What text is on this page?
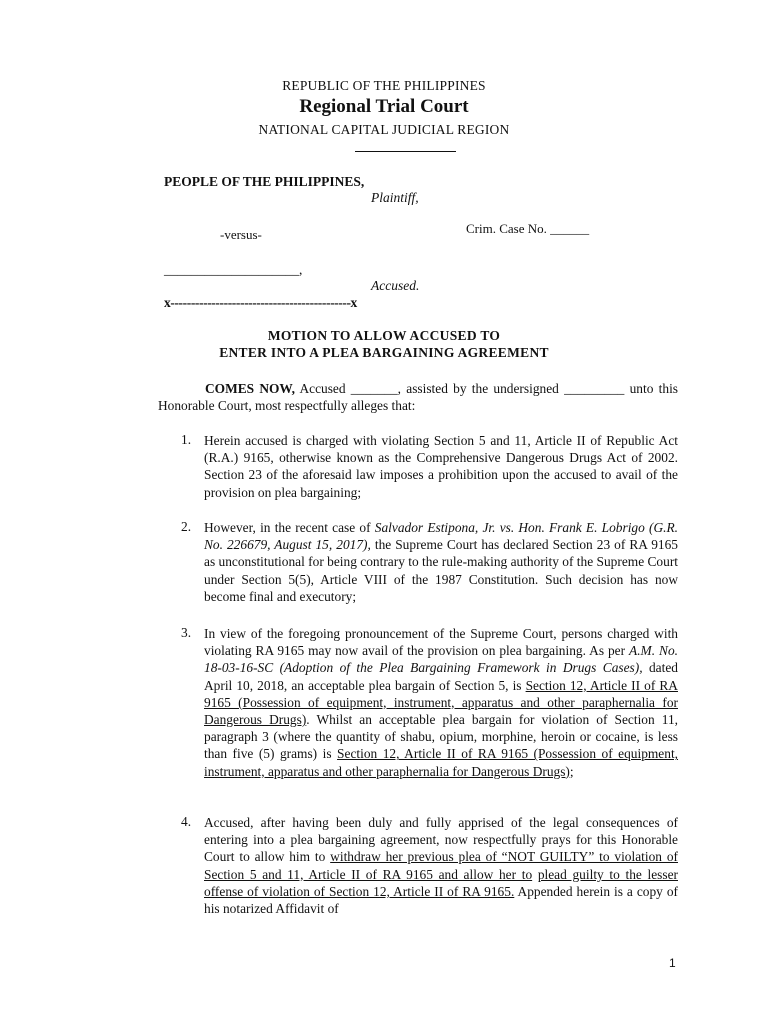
REPUBLIC OF THE PHILIPPINES
Regional Trial Court
NATIONAL CAPITAL JUDICIAL REGION
PEOPLE OF THE PHILIPPINES,
Plaintiff,
-versus-	Crim. Case No. ______
____________________,
Accused.
x--------------------------------------------x
MOTION TO ALLOW ACCUSED TO
ENTER INTO A PLEA BARGAINING AGREEMENT

COMES NOW, Accused _______, assisted by the undersigned _________ unto this Honorable Court, most respectfully alleges that:

1. Herein accused is charged with violating Section 5 and 11, Article II of Republic Act (R.A.) 9165, otherwise known as the Comprehensive Dangerous Drugs Act of 2002. Section 23 of the aforesaid law imposes a prohibition upon the accused to avail of the provision on plea bargaining;

2. However, in the recent case of Salvador Estipona, Jr. vs. Hon. Frank E. Lobrigo (G.R. No. 226679, August 15, 2017), the Supreme Court has declared Section 23 of RA 9165 as unconstitutional for being contrary to the rule-making authority of the Supreme Court under Section 5(5), Article VIII of the 1987 Constitution. Such decision has now become final and executory;

3. In view of the foregoing pronouncement of the Supreme Court, persons charged with violating RA 9165 may now avail of the provision on plea bargaining. As per A.M. No. 18-03-16-SC (Adoption of the Plea Bargaining Framework in Drugs Cases), dated April 10, 2018, an acceptable plea bargain of Section 5, is Section 12, Article II of RA 9165 (Possession of equipment, instrument, apparatus and other paraphernalia for Dangerous Drugs). Whilst an acceptable plea bargain for violation of Section 11, paragraph 3 (where the quantity of shabu, opium, morphine, heroin or cocaine, is less than five (5) grams) is Section 12, Article II of RA 9165 (Possession of equipment, instrument, apparatus and other paraphernalia for Dangerous Drugs);

4. Accused, after having been duly and fully apprised of the legal consequences of entering into a plea bargaining agreement, now respectfully prays for this Honorable Court to allow him to withdraw her previous plea of “NOT GUILTY” to violation of Section 5 and 11, Article II of RA 9165 and allow her to plead guilty to the lesser offense of violation of Section 12, Article II of RA 9165. Appended herein is a copy of his notarized Affidavit of

1
